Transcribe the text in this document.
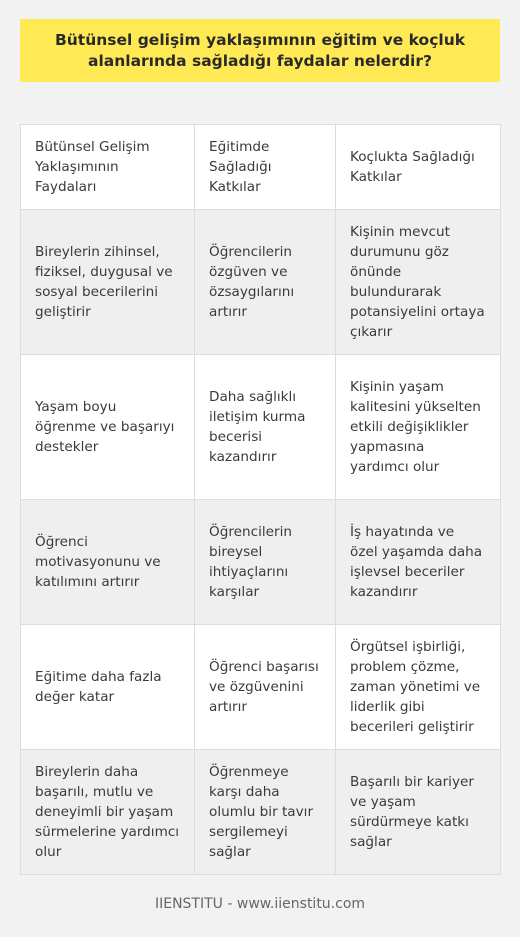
Bütünsel gelişim yaklaşımının eğitim ve koçluk
alanlarında sağladığı faydalar nelerdir?
Bütünsel Gelişim Yaklaşımının Faydaları	Eğitimde Sağladığı Katkılar	Koçlukta Sağladığı Katkılar
Bireylerin zihinsel, fiziksel, duygusal ve sosyal becerilerini geliştirir	Öğrencilerin özgüven ve özsaygılarını artırır	Kişinin mevcut durumunu göz önünde bulundurarak potansiyelini ortaya çıkarır
Yaşam boyu öğrenme ve başarıyı destekler	Daha sağlıklı iletişim kurma becerisi kazandırır	Kişinin yaşam kalitesini yükselten etkili değişiklikler yapmasına yardımcı olur
Öğrenci motivasyonunu ve katılımını artırır	Öğrencilerin bireysel ihtiyaçlarını karşılar	İş hayatında ve özel yaşamda daha işlevsel beceriler kazandırır
Eğitime daha fazla değer katar	Öğrenci başarısı ve özgüvenini artırır	Örgütsel işbirliği, problem çözme, zaman yönetimi ve liderlik gibi becerileri geliştirir
Bireylerin daha başarılı, mutlu ve deneyimli bir yaşam sürmelerine yardımcı olur	Öğrenmeye karşı daha olumlu bir tavır sergilemeyi sağlar	Başarılı bir kariyer ve yaşam sürdürmeye katkı sağlar
IIENSTITU - www.iienstitu.com
